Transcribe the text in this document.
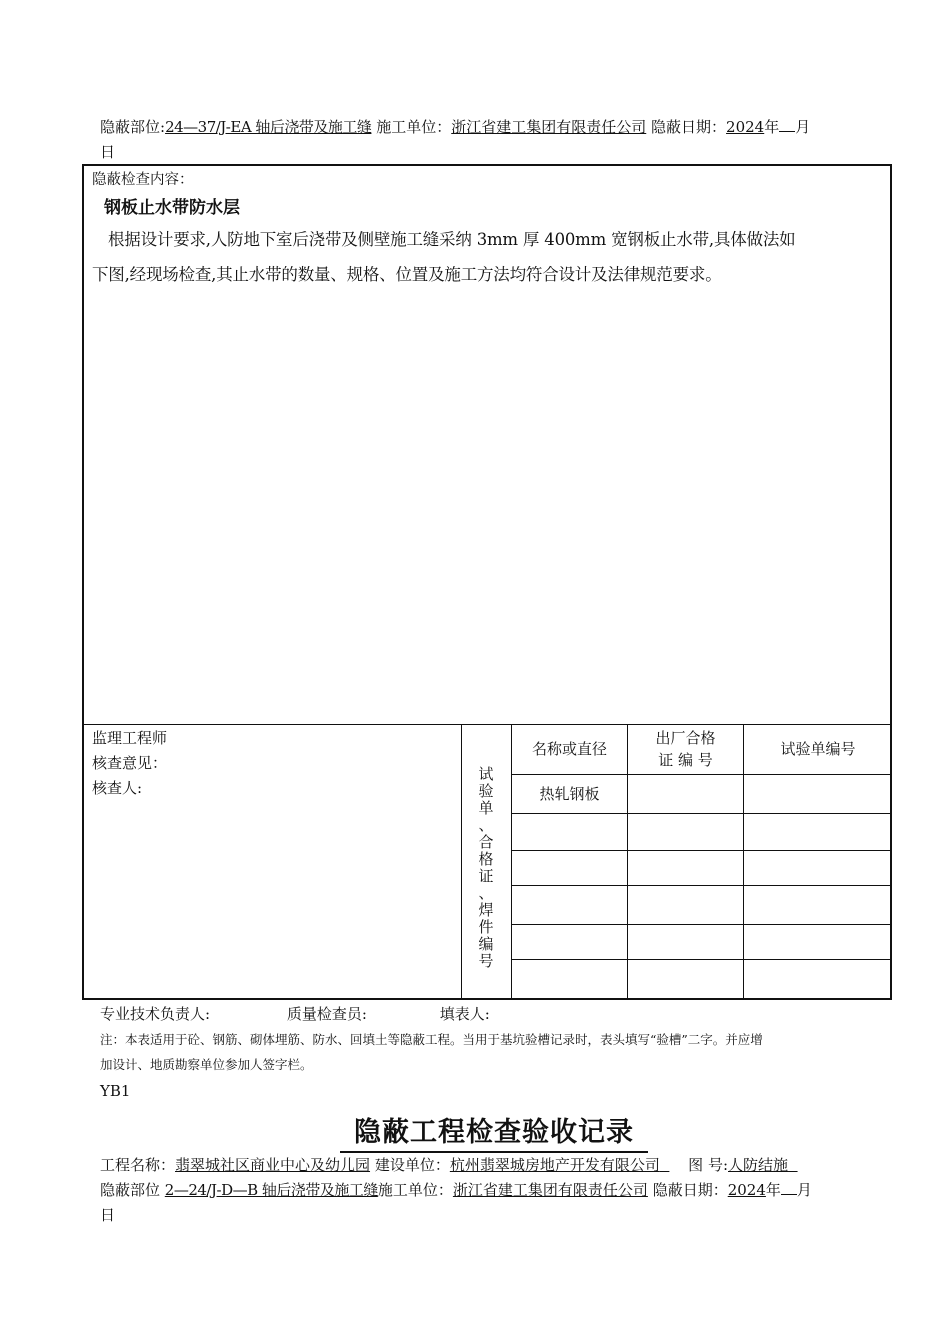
隐蔽部位:24—37/J-EA 轴后浇带及施工缝 施工单位：浙江省建工集团有限责任公司 隐蔽日期：2024年 月
日
隐蔽检查内容：
钢板止水带防水层
根据设计要求,人防地下室后浇带及侧壁施工缝采纳 3mm 厚 400mm 宽钢板止水带,具体做法如
下图,经现场检查,其止水带的数量、规格、位置及施工方法均符合设计及法律规范要求。
监理工程师
核查意见：
核查人:
试
验
单
、
合
格
证
、
焊
件
编
号
名称或直径
出厂合格
证 编 号
试验单编号
热轧钢板
专业技术负责人:	质量检查员:	填表人:
注：本表适用于砼、钢筋、砌体埋筋、防水、回填土等隐蔽工程。当用于基坑验槽记录时，表头填写“验槽”二字。并应增
加设计、地质勘察单位参加人签字栏。
YB1
隐蔽工程检查验收记录
工程名称：翡翠城社区商业中心及幼儿园 建设单位：杭州翡翠城房地产开发有限公司 图 号:人防结施
隐蔽部位 2—24/J-D—B 轴后浇带及施工缝施工单位：浙江省建工集团有限责任公司 隐蔽日期：2024年 月
日
